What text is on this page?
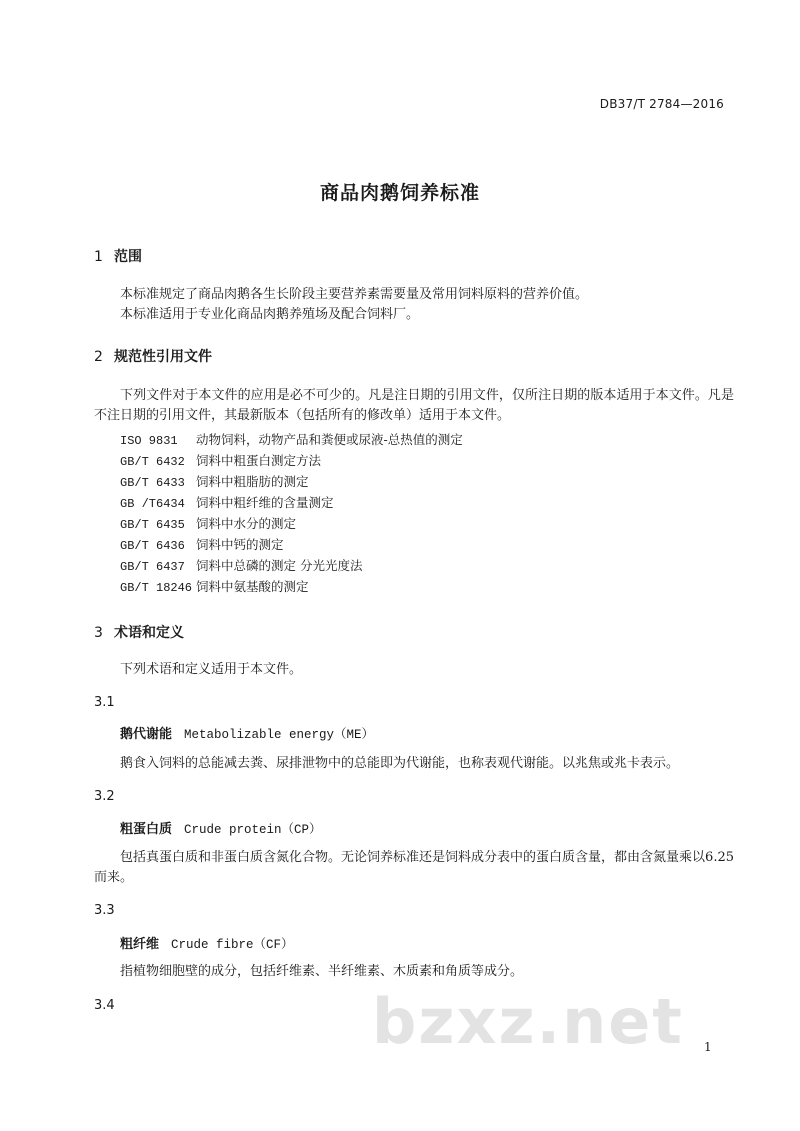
DB37/T 2784—2016
商品肉鹅饲养标准
1 范围

本标准规定了商品肉鹅各生长阶段主要营养素需要量及常用饲料原料的营养价值。

本标准适用于专业化商品肉鹅养殖场及配合饲料厂。

2 规范性引用文件

下列文件对于本文件的应用是必不可少的。凡是注日期的引用文件，仅所注日期的版本适用于本文件。凡是不注日期的引用文件，其最新版本（包括所有的修改单）适用于本文件。

ISO 9831 动物饲料，动物产品和粪便或尿液-总热值的测定
GB/T 6432 饲料中粗蛋白测定方法
GB/T 6433 饲料中粗脂肪的测定
GB /T6434 饲料中粗纤维的含量测定
GB/T 6435 饲料中水分的测定
GB/T 6436 饲料中钙的测定
GB/T 6437 饲料中总磷的测定 分光光度法
GB/T 18246 饲料中氨基酸的测定
3 术语和定义

下列术语和定义适用于本文件。

3.1
鹅代谢能 Metabolizable energy（ME）

鹅食入饲料的总能减去粪、尿排泄物中的总能即为代谢能，也称表观代谢能。以兆焦或兆卡表示。

3.2
粗蛋白质 Crude protein（CP）

包括真蛋白质和非蛋白质含氮化合物。无论饲养标准还是饲料成分表中的蛋白质含量，都由含氮量乘以6.25而来。

3.3
粗纤维 Crude fibre（CF）

指植物细胞壁的成分，包括纤维素、半纤维素、木质素和角质等成分。

3.4	bzxz.net 1
